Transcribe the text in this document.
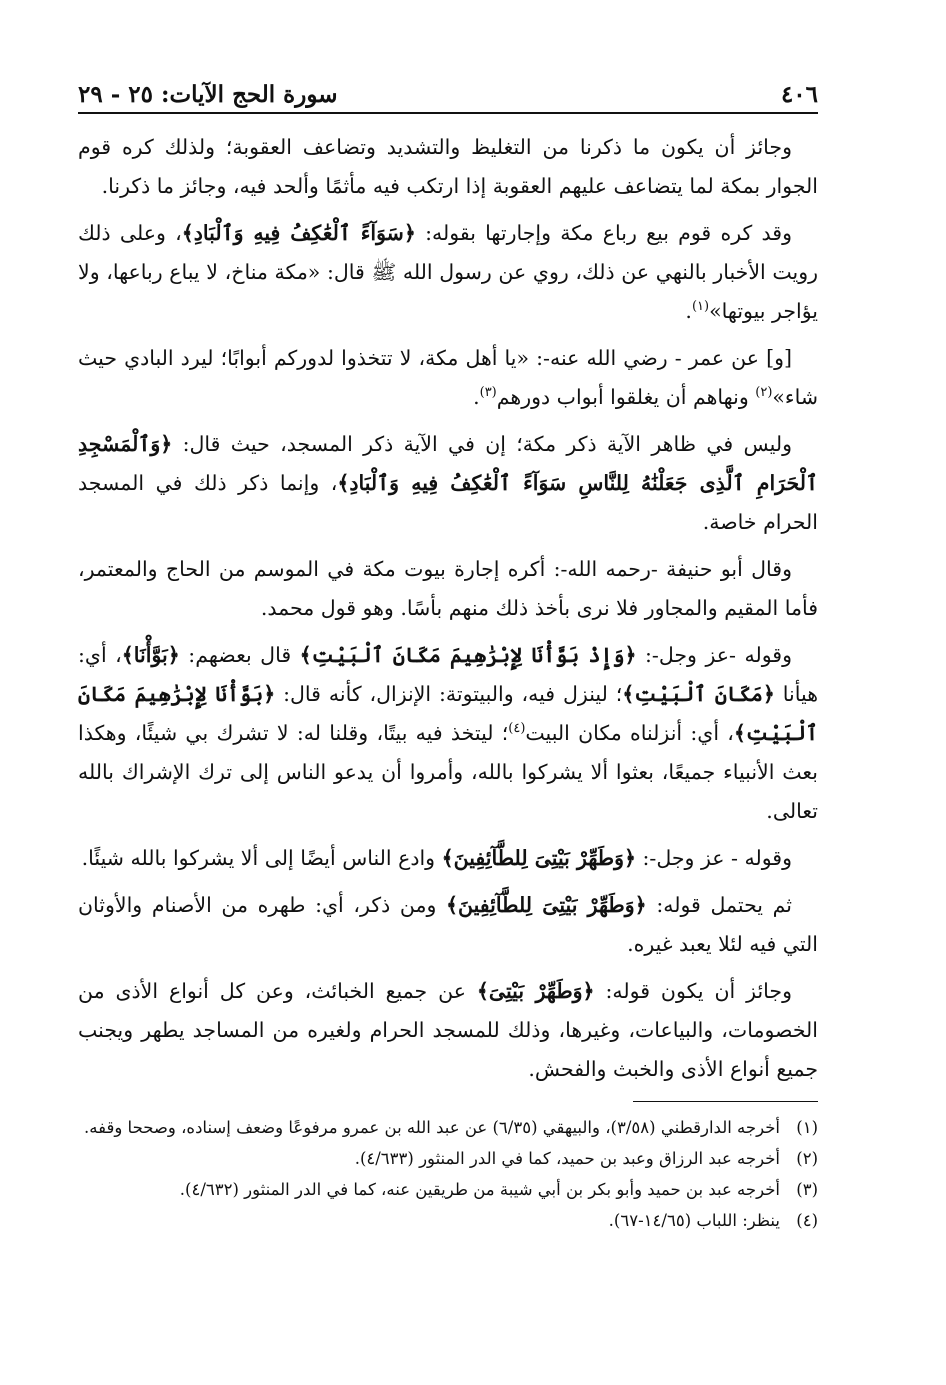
٤٠٦
سورة الحج الآيات: ٢٥ - ٢٩

وجائز أن يكون ما ذكرنا من التغليظ والتشديد وتضاعف العقوبة؛ ولذلك كره قوم الجوار بمكة لما يتضاعف عليهم العقوبة إذا ارتكب فيه مأثمًا وألحد فيه، وجائز ما ذكرنا.

وقد كره قوم بيع رباع مكة وإجارتها بقوله: ﴿سَوَآءً ٱلْعَٰكِفُ فِيهِ وَٱلْبَادِ﴾، وعلى ذلك رويت الأخبار بالنهي عن ذلك، روي عن رسول الله ﷺ قال: «مكة مناخ، لا يباع رباعها، ولا يؤاجر بيوتها»$^{(١)}$.

[و] عن عمر - رضي الله عنه-: «يا أهل مكة، لا تتخذوا لدوركم أبوابًا؛ ليرد البادي حيث شاء»$^{(٢)}$ ونهاهم أن يغلقوا أبواب دورهم$^{(٣)}$.

وليس في ظاهر الآية ذكر مكة؛ إن في الآية ذكر المسجد، حيث قال: ﴿وَٱلْمَسْجِدِ ٱلْحَرَامِ ٱلَّذِى جَعَلْنَٰهُ لِلنَّاسِ سَوَآءً ٱلْعَٰكِفُ فِيهِ وَٱلْبَادِ﴾، وإنما ذكر ذلك في المسجد الحرام خاصة.

وقال أبو حنيفة -رحمه الله-: أكره إجارة بيوت مكة في الموسم من الحاج والمعتمر، فأما المقيم والمجاور فلا نرى بأخذ ذلك منهم بأسًا. وهو قول محمد.

وقوله -عز وجل-: ﴿وَإِذْ بَوَّأْنَا لِإِبْرَٰهِيمَ مَكَانَ ٱلْبَيْتِ﴾ قال بعضهم: ﴿بَوَّأْنَا﴾، أي: هيأنا ﴿مَكَانَ ٱلْبَيْتِ﴾؛ لينزل فيه، والبيتوتة: الإنزال، كأنه قال: ﴿بَوَّأْنَا لِإِبْرَٰهِيمَ مَكَانَ ٱلْبَيْتِ﴾، أي: أنزلناه مكان البيت$^{(٤)}$؛ ليتخذ فيه بيتًا، وقلنا له: لا تشرك بي شيئًا، وهكذا بعث الأنبياء جميعًا، بعثوا ألا يشركوا بالله، وأمروا أن يدعو الناس إلى ترك الإشراك بالله تعالى.

وقوله - عز وجل-: ﴿وَطَهِّرْ بَيْتِىَ لِلطَّآئِفِينَ﴾ وادع الناس أيضًا إلى ألا يشركوا بالله شيئًا.

ثم يحتمل قوله: ﴿وَطَهِّرْ بَيْتِىَ لِلطَّآئِفِينَ﴾ ومن ذكر، أي: طهره من الأصنام والأوثان التي فيه لئلا يعبد غيره.

وجائز أن يكون قوله: ﴿وَطَهِّرْ بَيْتِىَ﴾ عن جميع الخبائث، وعن كل أنواع الأذى من الخصومات، والبياعات، وغيرها، وذلك للمسجد الحرام ولغيره من المساجد يطهر ويجنب جميع أنواع الأذى والخبث والفحش.

(١)أخرجه الدارقطني (٣/٥٨)، والبيهقي (٦/٣٥) عن عبد الله بن عمرو مرفوعًا وضعف إسناده، وصححا وقفه.
(٢)أخرجه عبد الرزاق وعبد بن حميد، كما في الدر المنثور (٤/٦٣٣).
(٣)أخرجه عبد بن حميد وأبو بكر بن أبي شيبة من طريقين عنه، كما في الدر المنثور (٤/٦٣٢).
(٤)ينظر: اللباب (١٤/٦٥-٦٧).
